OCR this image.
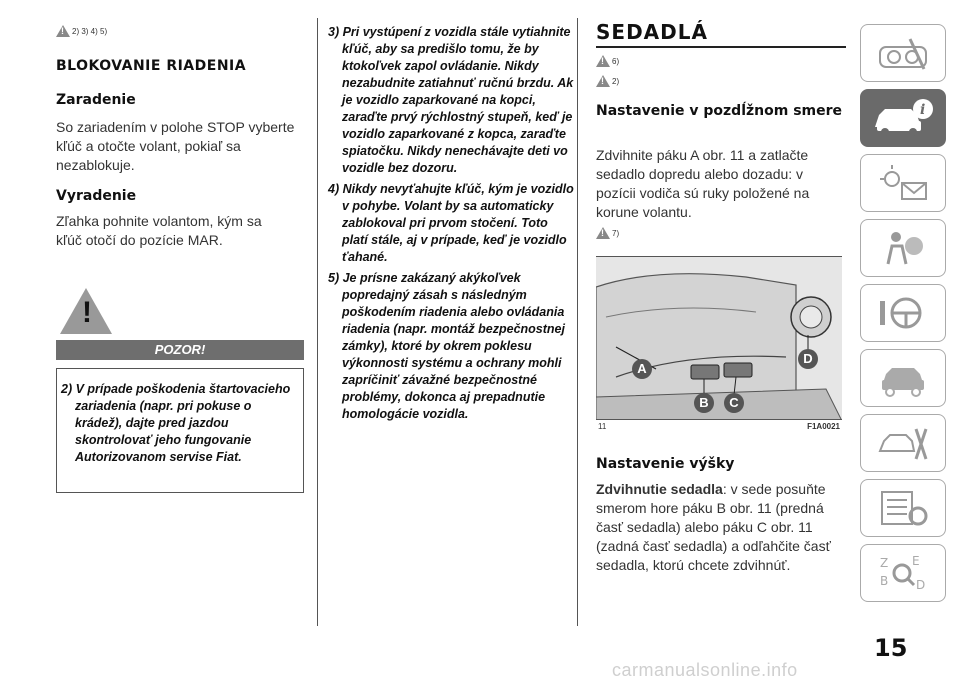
!
2) 3) 4) 5)
BLOKOVANIE RIADENIA
Zaradenie

So zariadením v polohe STOP vyberte kľúč a otočte volant, pokiaľ sa nezablokuje.

Vyradenie

Zľahka pohnite volantom, kým sa kľúč otočí do pozície MAR.

!
POZOR!

2) V prípade poškodenia štartovacieho zariadenia (napr. pri pokuse o krádež), dajte pred jazdou skontrolovať jeho fungovanie Autorizovanom servise Fiat.

3) Pri vystúpení z vozidla stále vytiahnite kľúč, aby sa predišlo tomu, že by ktokoľvek zapol ovládanie. Nikdy nezabudnite zatiahnuť ručnú brzdu. Ak je vozidlo zaparkované na kopci, zaraďte prvý rýchlostný stupeň, keď je vozidlo zaparkované z kopca, zaraďte spiatočku. Nikdy nenechávajte deti vo vozidle bez dozoru.

4) Nikdy nevyťahujte kľúč, kým je vozidlo v pohybe. Volant by sa automaticky zablokoval pri prvom stočení. Toto platí stále, aj v prípade, keď je vozidlo ťahané.

5) Je prísne zakázaný akýkoľvek popredajný zásah s následným poškodením riadenia alebo ovládania riadenia (napr. montáž bezpečnostnej zámky), ktoré by okrem poklesu výkonnosti systému a ochrany mohli zapríčiniť závažné bezpečnostné problémy, dokonca aj prepadnutie homologácie vozidla.

SEDADLÁ
!
6)
!
2)
Nastavenie v pozdĺžnom smere

Zdvihnite páku A obr. 11 a zatlačte sedadlo dopredu alebo dozadu: v pozícii vodiča sú ruky položené na korune volantu.

!
7)
Nastavenie výšky

Zdvihnutie sedadla: v sede posuňte smerom hore páku B obr. 11 (predná časť sedadla) alebo páku C obr. 11 (zadná časť sedadla) a odľahčite časť sedadla, ktorú chcete zdvihnúť.

A
B	C
D
11	F1A0021
i
Z E
B D
15
carmanualsonline.info
